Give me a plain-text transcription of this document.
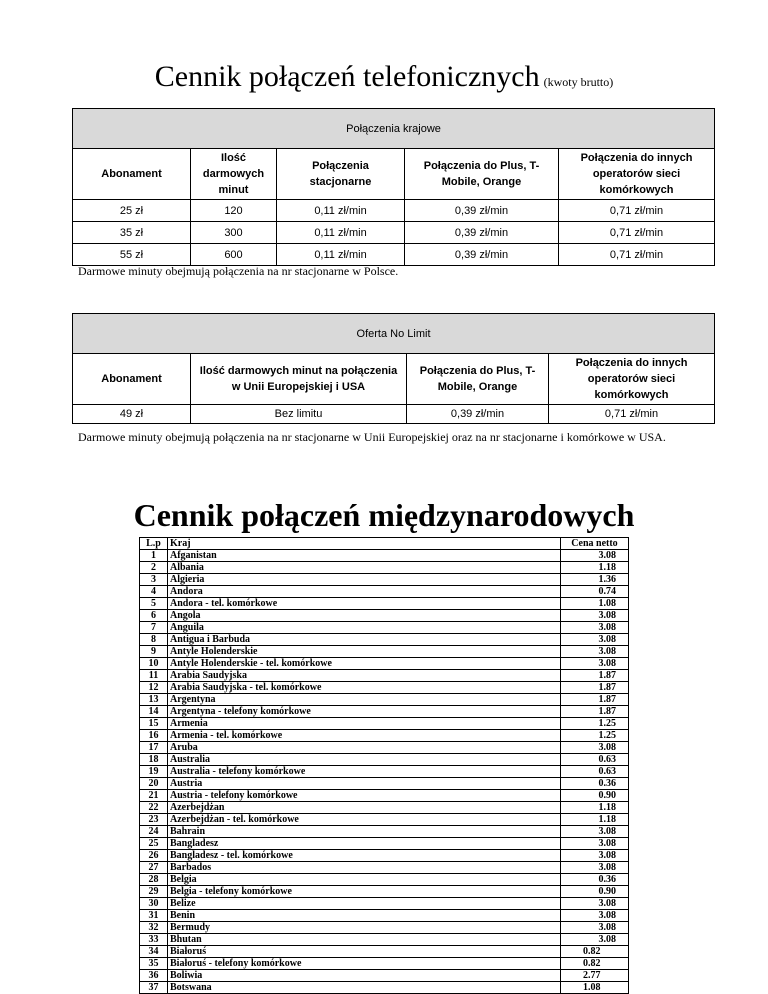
Cennik połączeń telefonicznych (kwoty brutto)
Połączenia krajowe				
Abonament	Ilość darmowych minut	Połączenia stacjonarne	Połączenia do Plus, T-Mobile, Orange	Połączenia do innych operatorów sieci komórkowych
25 zł	120	0,11 zł/min	0,39 zł/min	0,71 zł/min
35 zł	300	0,11 zł/min	0,39 zł/min	0,71 zł/min
55 zł	600	0,11 zł/min	0,39 zł/min	0,71 zł/min
Darmowe minuty obejmują połączenia na nr stacjonarne w Polsce.
Oferta No Limit			
Abonament	Ilość darmowych minut na połączenia w Unii Europejskiej i USA	Połączenia do Plus, T-Mobile, Orange	Połączenia do innych operatorów sieci komórkowych
49 zł	Bez limitu	0,39 zł/min	0,71 zł/min
Darmowe minuty obejmują połączenia na nr stacjonarne w Unii Europejskiej oraz na nr stacjonarne i komórkowe w USA.
Cennik połączeń międzynarodowych
L.p	Kraj	Cena netto
1	Afganistan	3.08
2	Albania	1.18
3	Algieria	1.36
4	Andora	0.74
5	Andora - tel. komórkowe	1.08
6	Angola	3.08
7	Anguila	3.08
8	Antigua i Barbuda	3.08
9	Antyle Holenderskie	3.08
10	Antyle Holenderskie - tel. komórkowe	3.08
11	Arabia Saudyjska	1.87
12	Arabia Saudyjska - tel. komórkowe	1.87
13	Argentyna	1.87
14	Argentyna - telefony komórkowe	1.87
15	Armenia	1.25
16	Armenia - tel. komórkowe	1.25
17	Aruba	3.08
18	Australia	0.63
19	Australia - telefony komórkowe	0.63
20	Austria	0.36
21	Austria - telefony komórkowe	0.90
22	Azerbejdżan	1.18
23	Azerbejdżan - tel. komórkowe	1.18
24	Bahrain	3.08
25	Bangladesz	3.08
26	Bangladesz - tel. komórkowe	3.08
27	Barbados	3.08
28	Belgia	0.36
29	Belgia - telefony komórkowe	0.90
30	Belize	3.08
31	Benin	3.08
32	Bermudy	3.08
33	Bhutan	3.08
34	Białoruś	0.82
35	Białoruś - telefony komórkowe	0.82
36	Boliwia	2.77
37	Botswana	1.08
